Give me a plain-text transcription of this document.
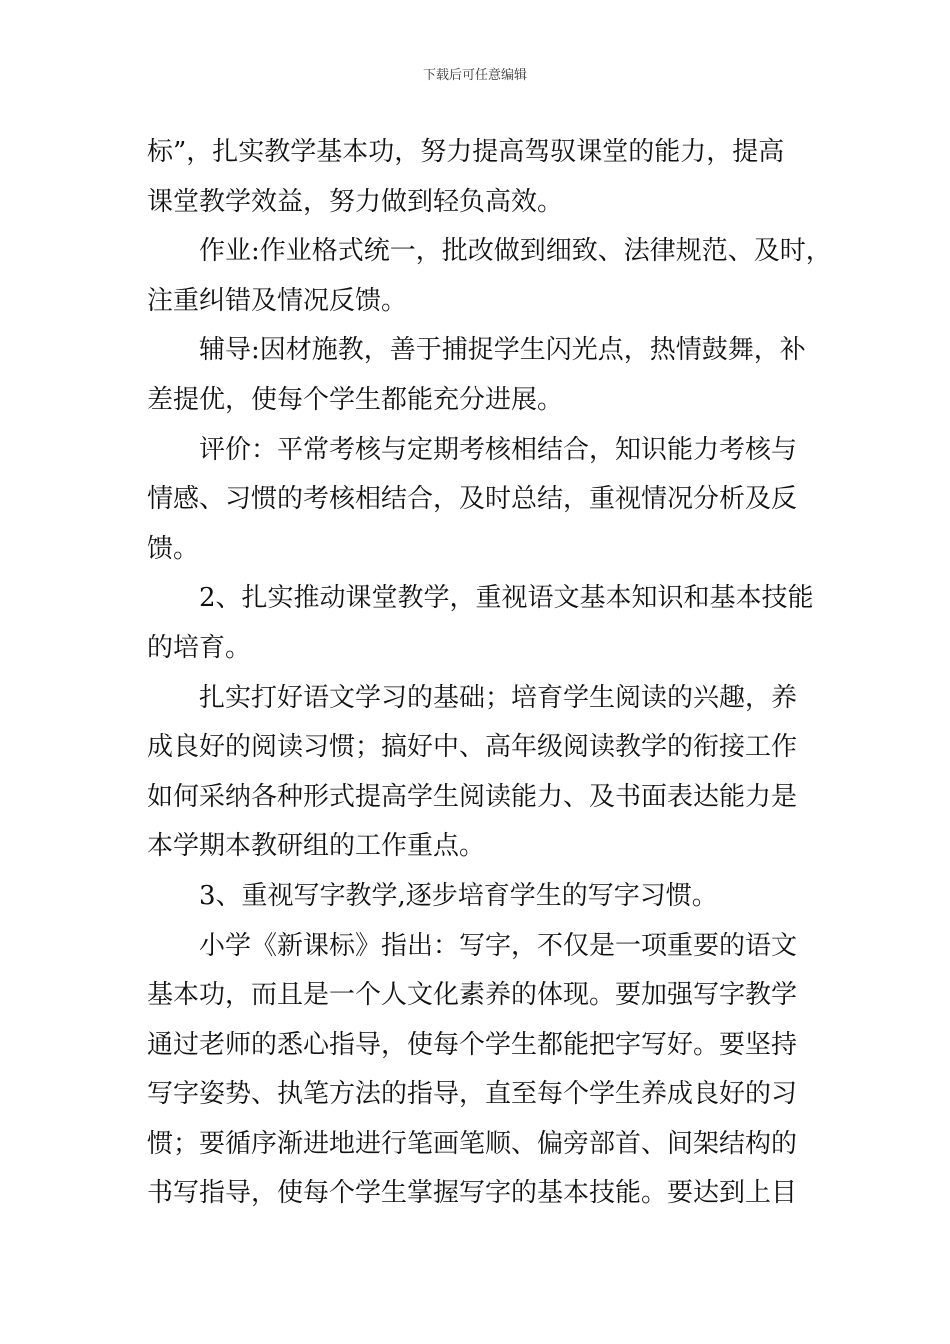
下载后可任意编辑
标”，扎实教学基本功，努力提高驾驭课堂的能力，提高
课堂教学效益，努力做到轻负高效。
　　作业:作业格式统一，批改做到细致、法律规范、及时，
注重纠错及情况反馈。
　　辅导:因材施教，善于捕捉学生闪光点，热情鼓舞，补
差提优，使每个学生都能充分进展。
　　评价：平常考核与定期考核相结合，知识能力考核与
情感、习惯的考核相结合，及时总结，重视情况分析及反
馈。
　　2、扎实推动课堂教学，重视语文基本知识和基本技能
的培育。
　　扎实打好语文学习的基础；培育学生阅读的兴趣，养
成良好的阅读习惯；搞好中、高年级阅读教学的衔接工作
如何采纳各种形式提高学生阅读能力、及书面表达能力是
本学期本教研组的工作重点。
　　3、重视写字教学,逐步培育学生的写字习惯。
　　小学《新课标》指出：写字，不仅是一项重要的语文
基本功，而且是一个人文化素养的体现。要加强写字教学
通过老师的悉心指导，使每个学生都能把字写好。要坚持
写字姿势、执笔方法的指导，直至每个学生养成良好的习
惯；要循序渐进地进行笔画笔顺、偏旁部首、间架结构的
书写指导，使每个学生掌握写字的基本技能。要达到上目
